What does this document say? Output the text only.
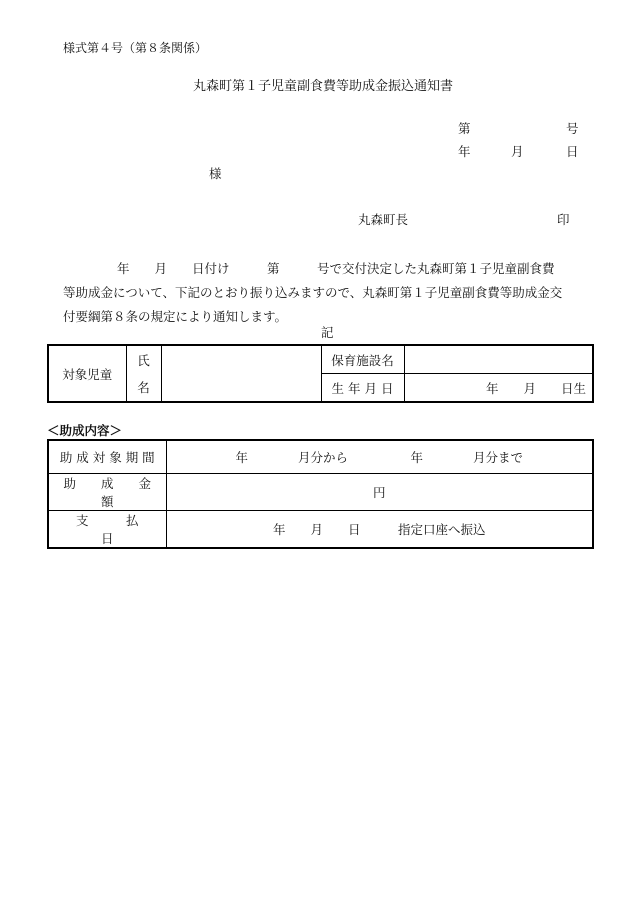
様式第４号（第８条関係）
丸森町第１子児童副食費等助成金振込通知書
第	号
年	月	日
様
丸森町長	印
年　　月　　日付け　　　第　　　号で交付決定した丸森町第１子児童副食費
等助成金について、下記のとおり振り込みますので、丸森町第１子児童副食費等助成金交
付要綱第８条の規定により通知します。
記
対象児童	氏		保育施設名	
	名		生 年 月 日	年　　月　　日生
＜助成内容＞
助 成 対 象 期 間	年　　　　月分から　　　　　年　　　　月分まで
助　　成　　金　　額	円
支　　　払　　　日	年　　月　　日　　　指定口座へ振込
